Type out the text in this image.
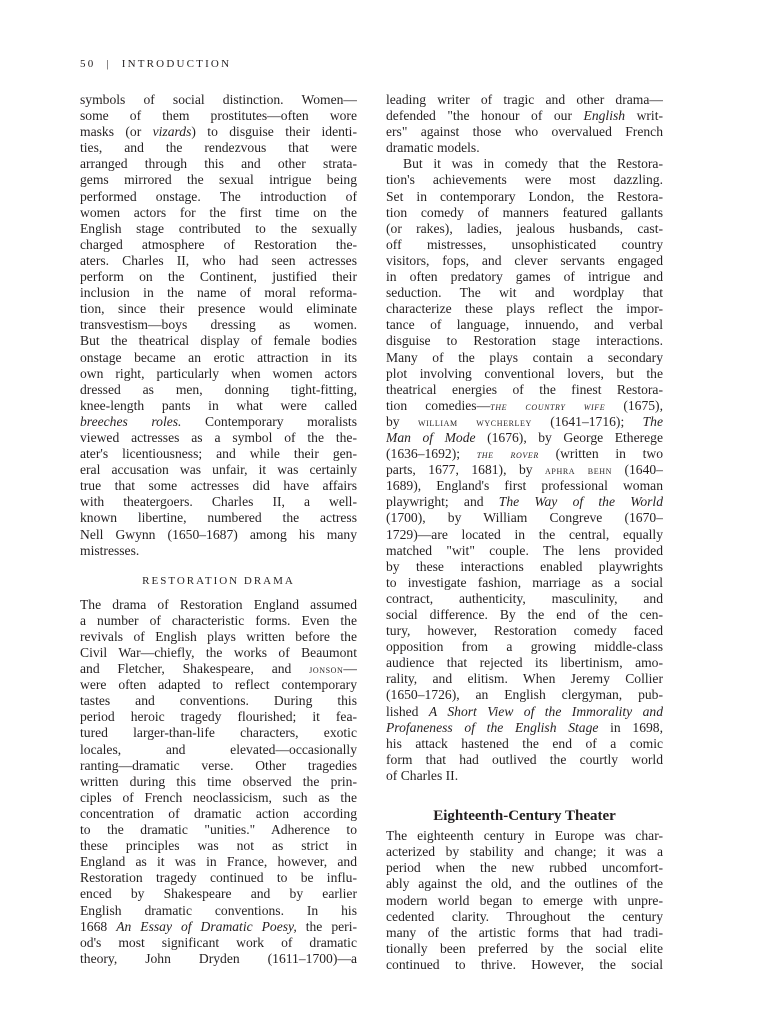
50 | INTRODUCTION
symbols of social distinction. Women—
some of them prostitutes—often wore
masks (or vizards) to disguise their identi-
ties, and the rendezvous that were
arranged through this and other strata-
gems mirrored the sexual intrigue being
performed onstage. The introduction of
women actors for the first time on the
English stage contributed to the sexually
charged atmosphere of Restoration the-
aters. Charles II, who had seen actresses
perform on the Continent, justified their
inclusion in the name of moral reforma-
tion, since their presence would eliminate
transvestism—boys dressing as women.
But the theatrical display of female bodies
onstage became an erotic attraction in its
own right, particularly when women actors
dressed as men, donning tight-fitting,
knee-length pants in what were called
breeches roles. Contemporary moralists
viewed actresses as a symbol of the the-
ater's licentiousness; and while their gen-
eral accusation was unfair, it was certainly
true that some actresses did have affairs
with theatergoers. Charles II, a well-
known libertine, numbered the actress
Nell Gwynn (1650–1687) among his many
mistresses.
RESTORATION DRAMA
The drama of Restoration England assumed
a number of characteristic forms. Even the
revivals of English plays written before the
Civil War—chiefly, the works of Beaumont
and Fletcher, Shakespeare, and jonson—
were often adapted to reflect contemporary
tastes and conventions. During this
period heroic tragedy flourished; it fea-
tured larger-than-life characters, exotic
locales, and elevated—occasionally
ranting—dramatic verse. Other tragedies
written during this time observed the prin-
ciples of French neoclassicism, such as the
concentration of dramatic action according
to the dramatic "unities." Adherence to
these principles was not as strict in
England as it was in France, however, and
Restoration tragedy continued to be influ-
enced by Shakespeare and by earlier
English dramatic conventions. In his
1668 An Essay of Dramatic Poesy, the peri-
od's most significant work of dramatic
theory, John Dryden (1611–1700)—a
leading writer of tragic and other drama—
defended "the honour of our English writ-
ers" against those who overvalued French
dramatic models.
But it was in comedy that the Restora-
tion's achievements were most dazzling.
Set in contemporary London, the Restora-
tion comedy of manners featured gallants
(or rakes), ladies, jealous husbands, cast-
off mistresses, unsophisticated country
visitors, fops, and clever servants engaged
in often predatory games of intrigue and
seduction. The wit and wordplay that
characterize these plays reflect the impor-
tance of language, innuendo, and verbal
disguise to Restoration stage interactions.
Many of the plays contain a secondary
plot involving conventional lovers, but the
theatrical energies of the finest Restora-
tion comedies—the country wife (1675),
by william wycherley (1641–1716); The
Man of Mode (1676), by George Etherege
(1636–1692); the rover (written in two
parts, 1677, 1681), by aphra behn (1640–
1689), England's first professional woman
playwright; and The Way of the World
(1700), by William Congreve (1670–
1729)—are located in the central, equally
matched "wit" couple. The lens provided
by these interactions enabled playwrights
to investigate fashion, marriage as a social
contract, authenticity, masculinity, and
social difference. By the end of the cen-
tury, however, Restoration comedy faced
opposition from a growing middle-class
audience that rejected its libertinism, amo-
rality, and elitism. When Jeremy Collier
(1650–1726), an English clergyman, pub-
lished A Short View of the Immorality and
Profaneness of the English Stage in 1698,
his attack hastened the end of a comic
form that had outlived the courtly world
of Charles II.
Eighteenth-Century Theater
The eighteenth century in Europe was char-
acterized by stability and change; it was a
period when the new rubbed uncomfort-
ably against the old, and the outlines of the
modern world began to emerge with unpre-
cedented clarity. Throughout the century
many of the artistic forms that had tradi-
tionally been preferred by the social elite
continued to thrive. However, the social
